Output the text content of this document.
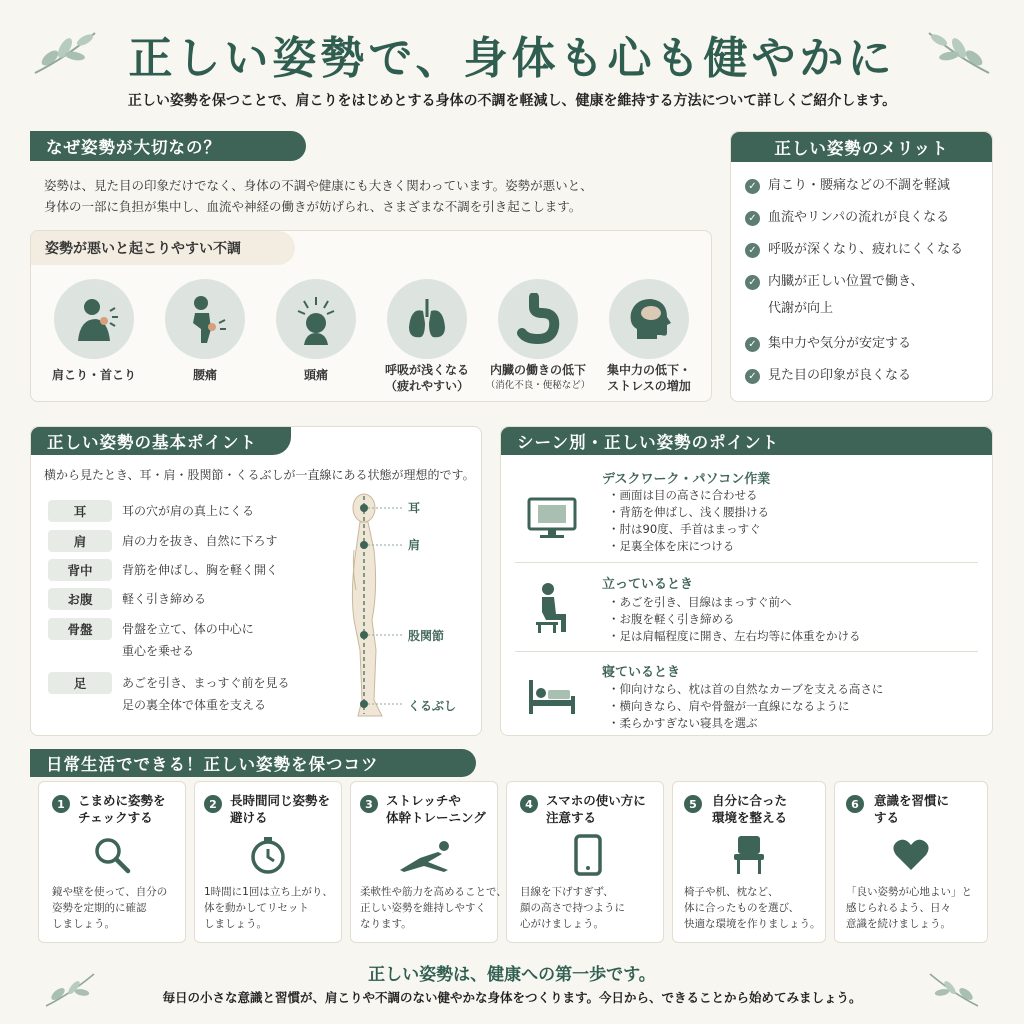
正しい姿勢で、身体も心も健やかに

正しい姿勢を保つことで、肩こりをはじめとする身体の不調を軽減し、健康を維持する方法について詳しくご紹介します。

なぜ姿勢が大切なの？

姿勢は、見た目の印象だけでなく、身体の不調や健康にも大きく関わっています。姿勢が悪いと、

身体の一部に負担が集中し、血流や神経の働きが妨げられ、さまざまな不調を引き起こします。

姿勢が悪いと起こりやすい不調
肩こり・首こり	腰痛	頭痛	呼吸が浅くなる
（疲れやすい）
内臓の働きの低下
（消化不良・便秘など）
集中力の低下・
ストレスの増加
正しい姿勢のメリット
✓ 肩こり・腰痛などの不調を軽減
✓ 血流やリンパの流れが良くなる
✓ 呼吸が深くなり、疲れにくくなる
✓ 内臓が正しい位置で働き、
代謝が向上
✓ 集中力や気分が安定する
✓ 見た目の印象が良くなる
正しい姿勢の基本ポイント

横から見たとき、耳・肩・股関節・くるぶしが一直線にある状態が理想的です。

耳	耳の穴が肩の真上にくる
肩	肩の力を抜き、自然に下ろす
背中	背筋を伸ばし、胸を軽く開く
お腹	軽く引き締める
骨盤	骨盤を立て、体の中心に
重心を乗せる
足	あごを引き、まっすぐ前を見る
足の裏全体で体重を支える
耳
肩
股関節
くるぶし
シーン別・正しい姿勢のポイント
デスクワーク・パソコン作業
・画面は目の高さに合わせる
・背筋を伸ばし、浅く腰掛ける
・肘は90度、手首はまっすぐ
・足裏全体を床につける
立っているとき
・あごを引き、目線はまっすぐ前へ
・お腹を軽く引き締める
・足は肩幅程度に開き、左右均等に体重をかける
寝ているとき
・仰向けなら、枕は首の自然なカーブを支える高さに
・横向きなら、肩や骨盤が一直線になるように
・柔らかすぎない寝具を選ぶ
日常生活でできる！正しい姿勢を保つコツ
1	こまめに姿勢を
チェックする
鏡や壁を使って、自分の
姿勢を定期的に確認
しましょう。
2	長時間同じ姿勢を
避ける
1時間に1回は立ち上がり、
体を動かしてリセット
しましょう。
3	ストレッチや
体幹トレーニング
柔軟性や筋力を高めることで、
正しい姿勢を維持しやすく
なります。
4	スマホの使い方に
注意する
目線を下げすぎず、
顔の高さで持つように
心がけましょう。
5	自分に合った
環境を整える
椅子や机、枕など、
体に合ったものを選び、
快適な環境を作りましょう。
6	意識を習慣に
する
「良い姿勢が心地よい」と
感じられるよう、日々
意識を続けましょう。
正しい姿勢は、健康への第一歩です。
毎日の小さな意識と習慣が、肩こりや不調のない健やかな身体をつくります。今日から、できることから始めてみましょう。
